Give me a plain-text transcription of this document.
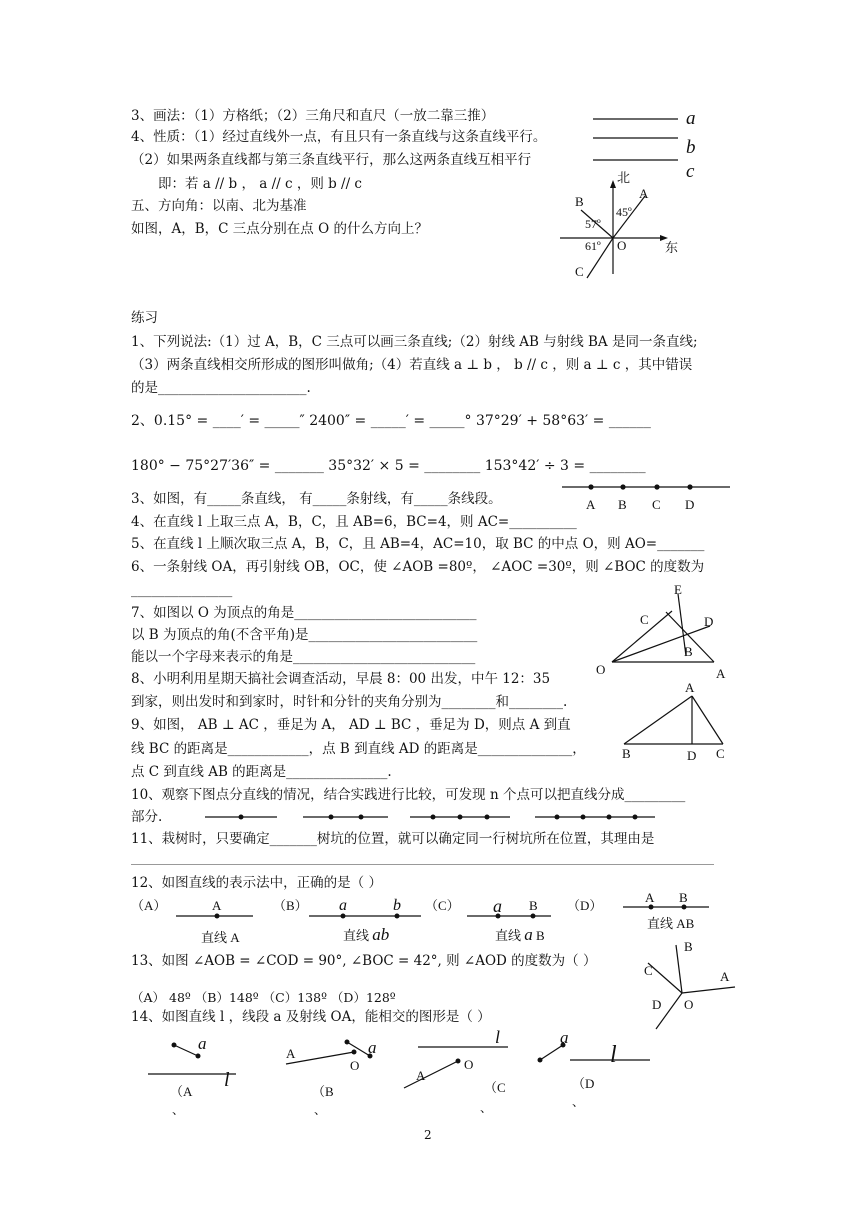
3、画法：（1）方格纸；（2）三角尺和直尺（一放二靠三推）
4、性质：（1）经过直线外一点，有且只有一条直线与这条直线平行。
（2）如果两条直线都与第三条直线平行，那么这两条直线互相平行
即：若 a // b ， a // c ，则 b // c
五、方向角：以南、北为基准
如图，A，B，C 三点分别在点 O 的什么方向上？
a
b
c
北
东
O
A
B
C
45º
57º
61º
练习
1、下列说法:（1）过 A，B，C 三点可以画三条直线;（2）射线 AB 与射线 BA 是同一条直线;
（3）两条直线相交所形成的图形叫做角;（4）若直线 a ⊥ b ， b // c ，则 a ⊥ c ，其中错误
的是______________________.
2、0.15° = ____′ = _____″ 2400″ = _____′ = _____° 37°29′ + 58°63′ = ______
180° − 75°27′36″ = _______ 35°32′ × 5 = ________ 153°42′ ÷ 3 = ________
3、如图，有_____条直线， 有_____条射线，有_____条线段。	A B C D
4、在直线 l 上取三点 A，B，C，且 AB=6，BC=4，则 AC=__________
5、在直线 l 上顺次取三点 A，B，C，且 AB=4，AC=10，取 BC 的中点 O，则 AO=_______
6、一条射线 OA，再引射线 OB，OC，使 ∠AOB =80º， ∠AOC =30º，则 ∠BOC 的度数为
_______________
7、如图以 O 为顶点的角是___________________________
以 B 为顶点的角(不含平角)是_________________________
能以一个字母来表示的角是___________________________
O	A
B
C	D
E
8、小明利用星期天搞社会调查活动，早晨 8：00 出发，中午 12：35
到家，则出发时和到家时，时针和分针的夹角分别为________和________.
9、如图， AB ⊥ AC ，垂足为 A， AD ⊥ BC ，垂足为 D，则点 A 到直
线 BC 的距离是____________，点 B 到直线 AD 的距离是______________，
点 C 到直线 AB 的距离是_______________.
A
B	C
D
10、观察下图点分直线的情况，结合实践进行比较，可发现 n 个点可以把直线分成_________
部分.
11、栽树时，只要确定_______树坑的位置，就可以确定同一行树坑所在位置，其理由是
12、如图直线的表示法中，正确的是（ ）
（A）	A
直线 A
（B） a	b
直线 ab
（C） a B
直线 a B
（D）
A B
直线 AB
13、如图 ∠AOB = ∠COD = 90°, ∠BOC = 42°, 则 ∠AOD 的度数为（ ）
（A） 48º （B）148º （C）138º （D）128º
B
C	A
D O
14、如图直线 l ，线段 a 及射线 OA，能相交的图形是（ ）
a
l
（A
、
A
O
a
（B
、
l
A
O
（C
、
a
l
（D
、
2
